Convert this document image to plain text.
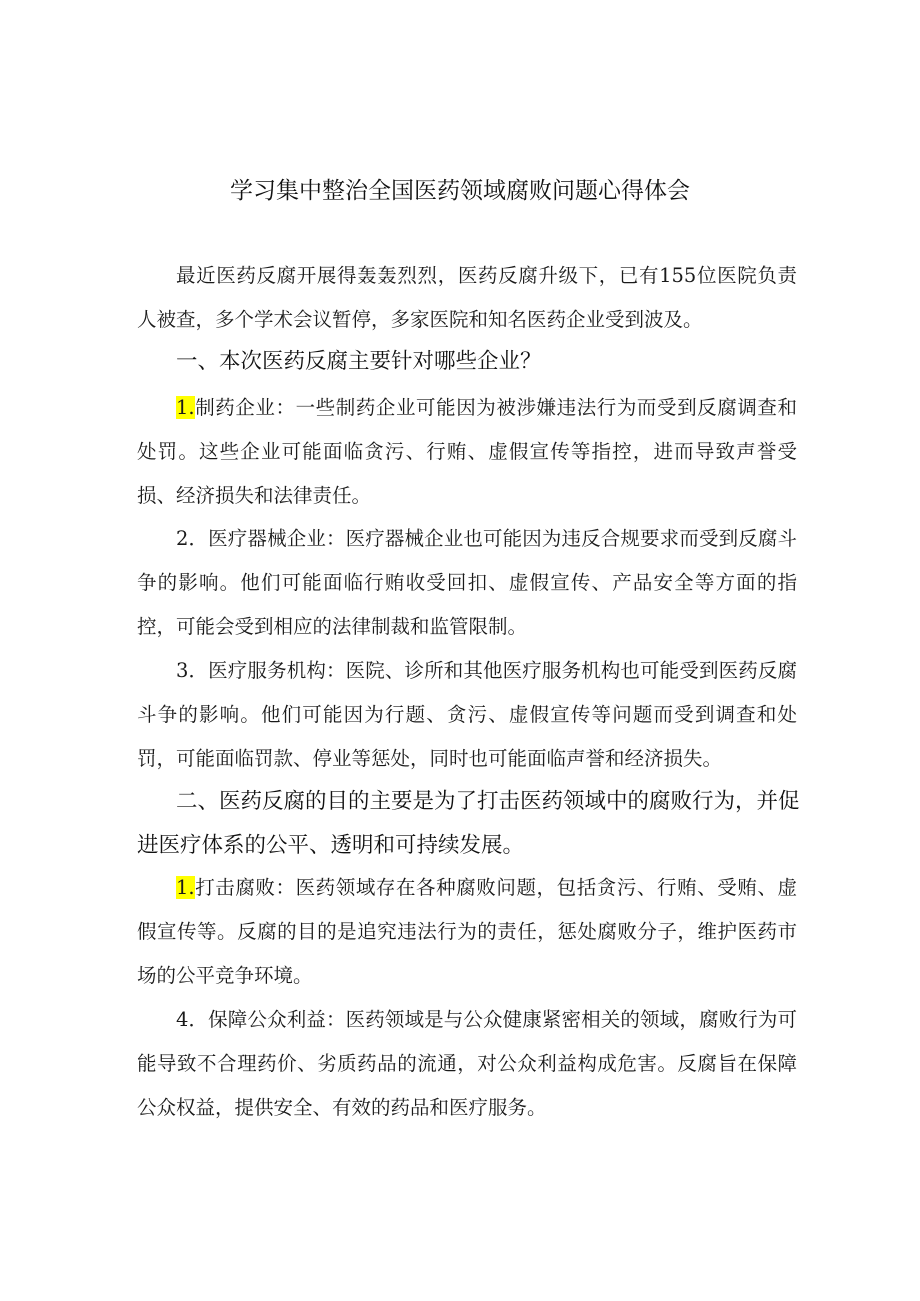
学习集中整治全国医药领域腐败问题心得体会

最近医药反腐开展得轰轰烈烈，医药反腐升级下，已有155位医院负责人被查，多个学术会议暂停，多家医院和知名医药企业受到波及。

一、本次医药反腐主要针对哪些企业？

1.制药企业：一些制药企业可能因为被涉嫌违法行为而受到反腐调查和处罚。这些企业可能面临贪污、行贿、虚假宣传等指控，进而导致声誉受损、经济损失和法律责任。

2．医疗器械企业：医疗器械企业也可能因为违反合规要求而受到反腐斗争的影响。他们可能面临行贿收受回扣、虚假宣传、产品安全等方面的指控，可能会受到相应的法律制裁和监管限制。

3．医疗服务机构：医院、诊所和其他医疗服务机构也可能受到医药反腐斗争的影响。他们可能因为行题、贪污、虚假宣传等问题而受到调查和处罚，可能面临罚款、停业等惩处，同时也可能面临声誉和经济损失。

二、医药反腐的目的主要是为了打击医药领域中的腐败行为，并促进医疗体系的公平、透明和可持续发展。

1.打击腐败：医药领域存在各种腐败问题，包括贪污、行贿、受贿、虚假宣传等。反腐的目的是追究违法行为的责任，惩处腐败分子，维护医药市场的公平竞争环境。

4．保障公众利益：医药领域是与公众健康紧密相关的领域，腐败行为可能导致不合理药价、劣质药品的流通，对公众利益构成危害。反腐旨在保障公众权益，提供安全、有效的药品和医疗服务。
